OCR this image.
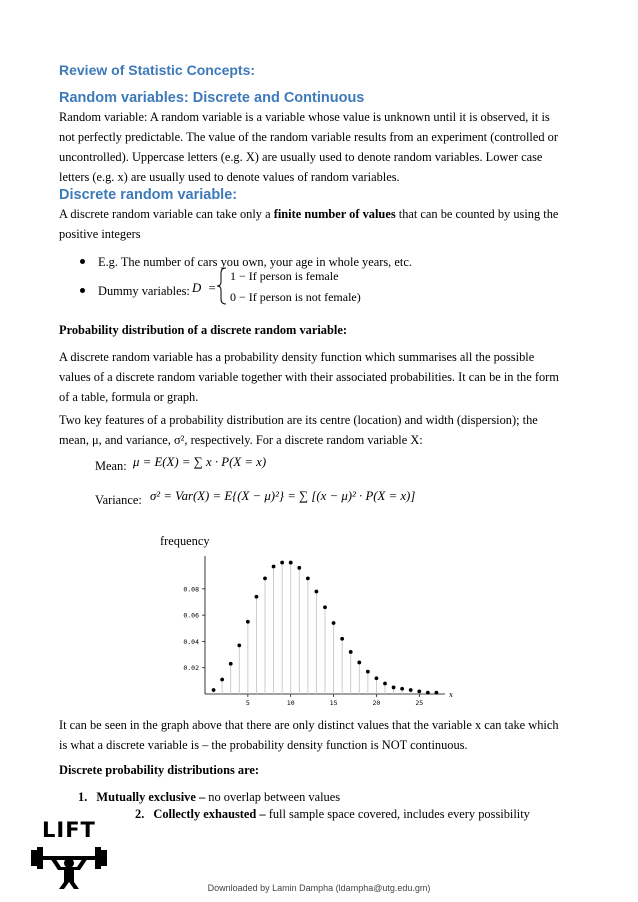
Review of Statistic Concepts:
Random variables: Discrete and Continuous
Random variable: A random variable is a variable whose value is unknown until it is observed, it is
not perfectly predictable. The value of the random variable results from an experiment (controlled or
uncontrolled). Uppercase letters (e.g. X) are usually used to denote random variables. Lower case
letters (e.g. x) are usually used to denote values of random variables.
Discrete random variable:
A discrete random variable can take only a finite number of values that can be counted by using the
positive integers
E.g. The number of cars you own, your age in whole years, etc.
Dummy variables: D =
1 − If person is female
0 − If person is not female)
Probability distribution of a discrete random variable:
A discrete random variable has a probability density function which summarises all the possible
values of a discrete random variable together with their associated probabilities. It can be in the form
of a table, formula or graph.
Two key features of a probability distribution are its centre (location) and width (dispersion); the
mean, μ, and variance, σ², respectively. For a discrete random variable X:
Mean: μ = E(X) = ∑ x · P(X = x)
Variance: σ² = Var(X) = E{(X − μ)²} = ∑ [(x − μ)² · P(X = x)]
frequency
5	10	15	20	25
0.02
0.04
0.06
0.08
x
It can be seen in the graph above that there are only distinct values that the variable x can take which
is what a discrete variable is – the probability density function is NOT continuous.
Discrete probability distributions are:
1. Mutually exclusive – no overlap between values
2. Collectly exhausted – full sample space covered, includes every possibility
LIFT
Downloaded by Lamin Dampha (ldampha@utg.edu.gm)
